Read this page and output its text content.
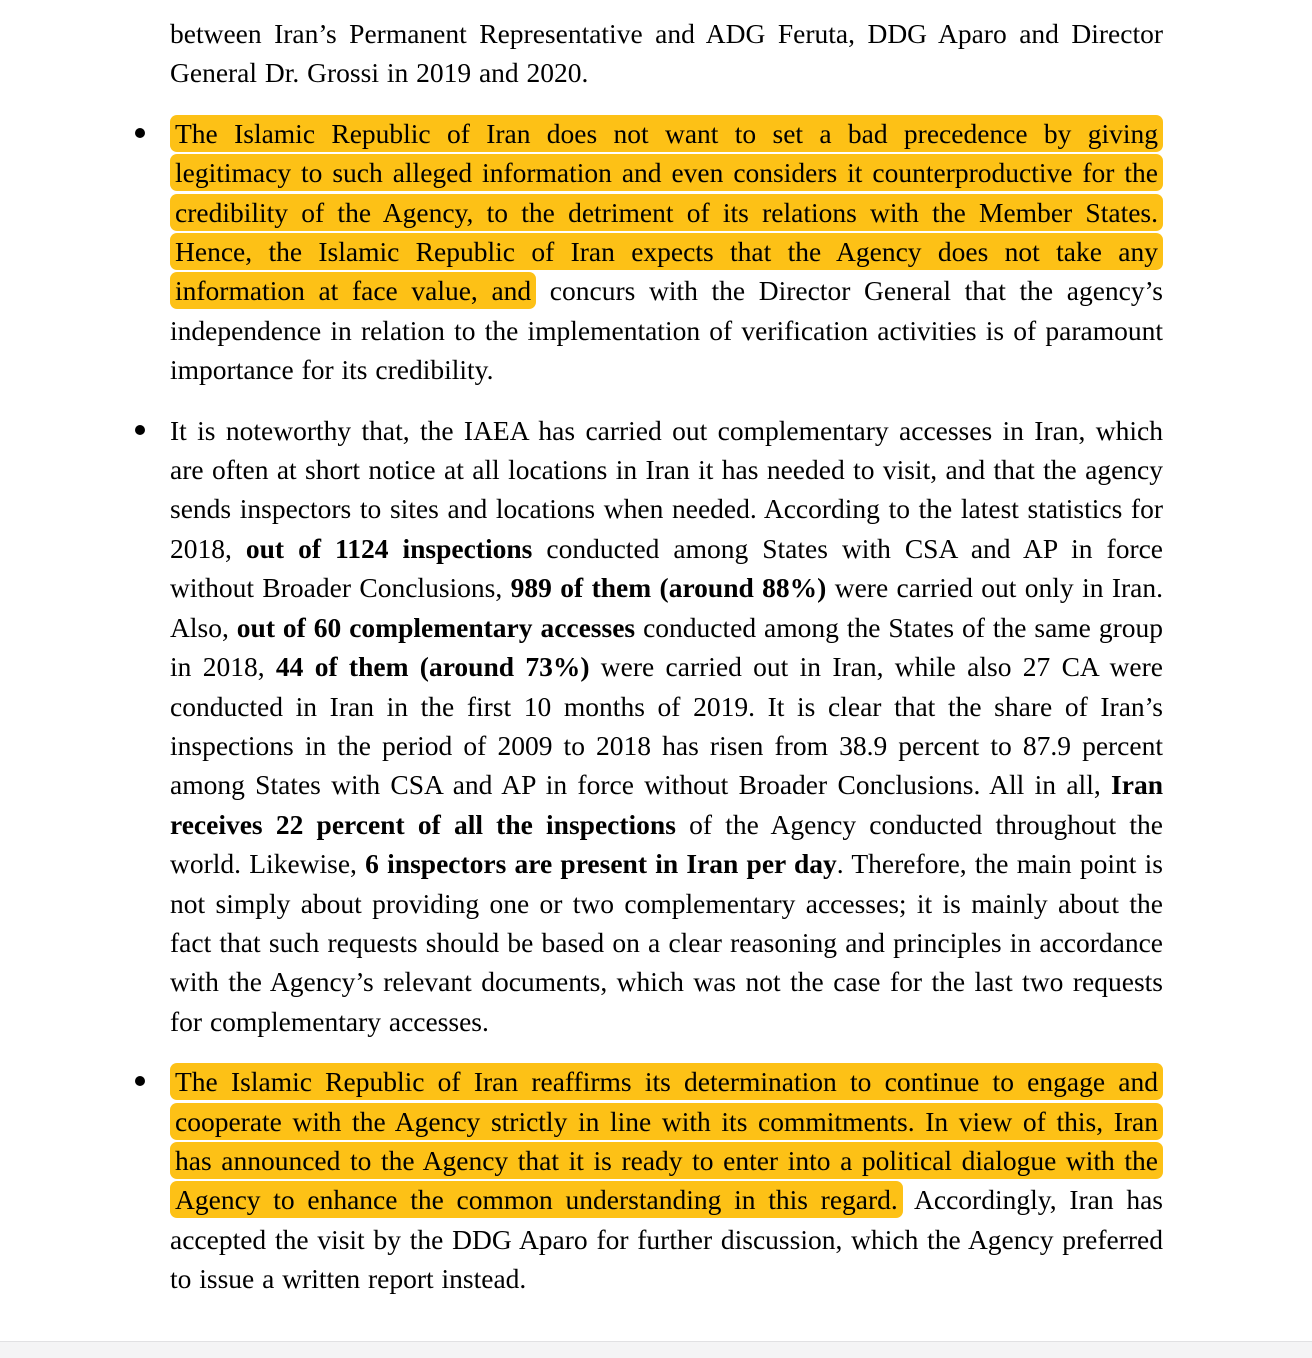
between Iran’s Permanent Representative and ADG Feruta, DDG Aparo and Director General Dr. Grossi in 2019 and 2020.

The Islamic Republic of Iran does not want to set a bad precedence by giving legitimacy to such alleged information and even considers it counterproductive for the credibility of the Agency, to the detriment of its relations with the Member States. Hence, the Islamic Republic of Iran expects that the Agency does not take any information at face value, and concurs with the Director General that the agency’s independence in relation to the implementation of verification activities is of paramount importance for its credibility.
It is noteworthy that, the IAEA has carried out complementary accesses in Iran, which are often at short notice at all locations in Iran it has needed to visit, and that the agency sends inspectors to sites and locations when needed. According to the latest statistics for 2018, out of 1124 inspections conducted among States with CSA and AP in force without Broader Conclusions, 989 of them (around 88%) were carried out only in Iran. Also, out of 60 complementary accesses conducted among the States of the same group in 2018, 44 of them (around 73%) were carried out in Iran, while also 27 CA were conducted in Iran in the first 10 months of 2019. It is clear that the share of Iran’s inspections in the period of 2009 to 2018 has risen from 38.9 percent to 87.9 percent among States with CSA and AP in force without Broader Conclusions. All in all, Iran receives 22 percent of all the inspections of the Agency conducted throughout the world. Likewise, 6 inspectors are present in Iran per day. Therefore, the main point is not simply about providing one or two complementary accesses; it is mainly about the fact that such requests should be based on a clear reasoning and principles in accordance with the Agency’s relevant documents, which was not the case for the last two requests for complementary accesses.
The Islamic Republic of Iran reaffirms its determination to continue to engage and cooperate with the Agency strictly in line with its commitments. In view of this, Iran has announced to the Agency that it is ready to enter into a political dialogue with the Agency to enhance the common understanding in this regard. Accordingly, Iran has accepted the visit by the DDG Aparo for further discussion, which the Agency preferred to issue a written report instead.
